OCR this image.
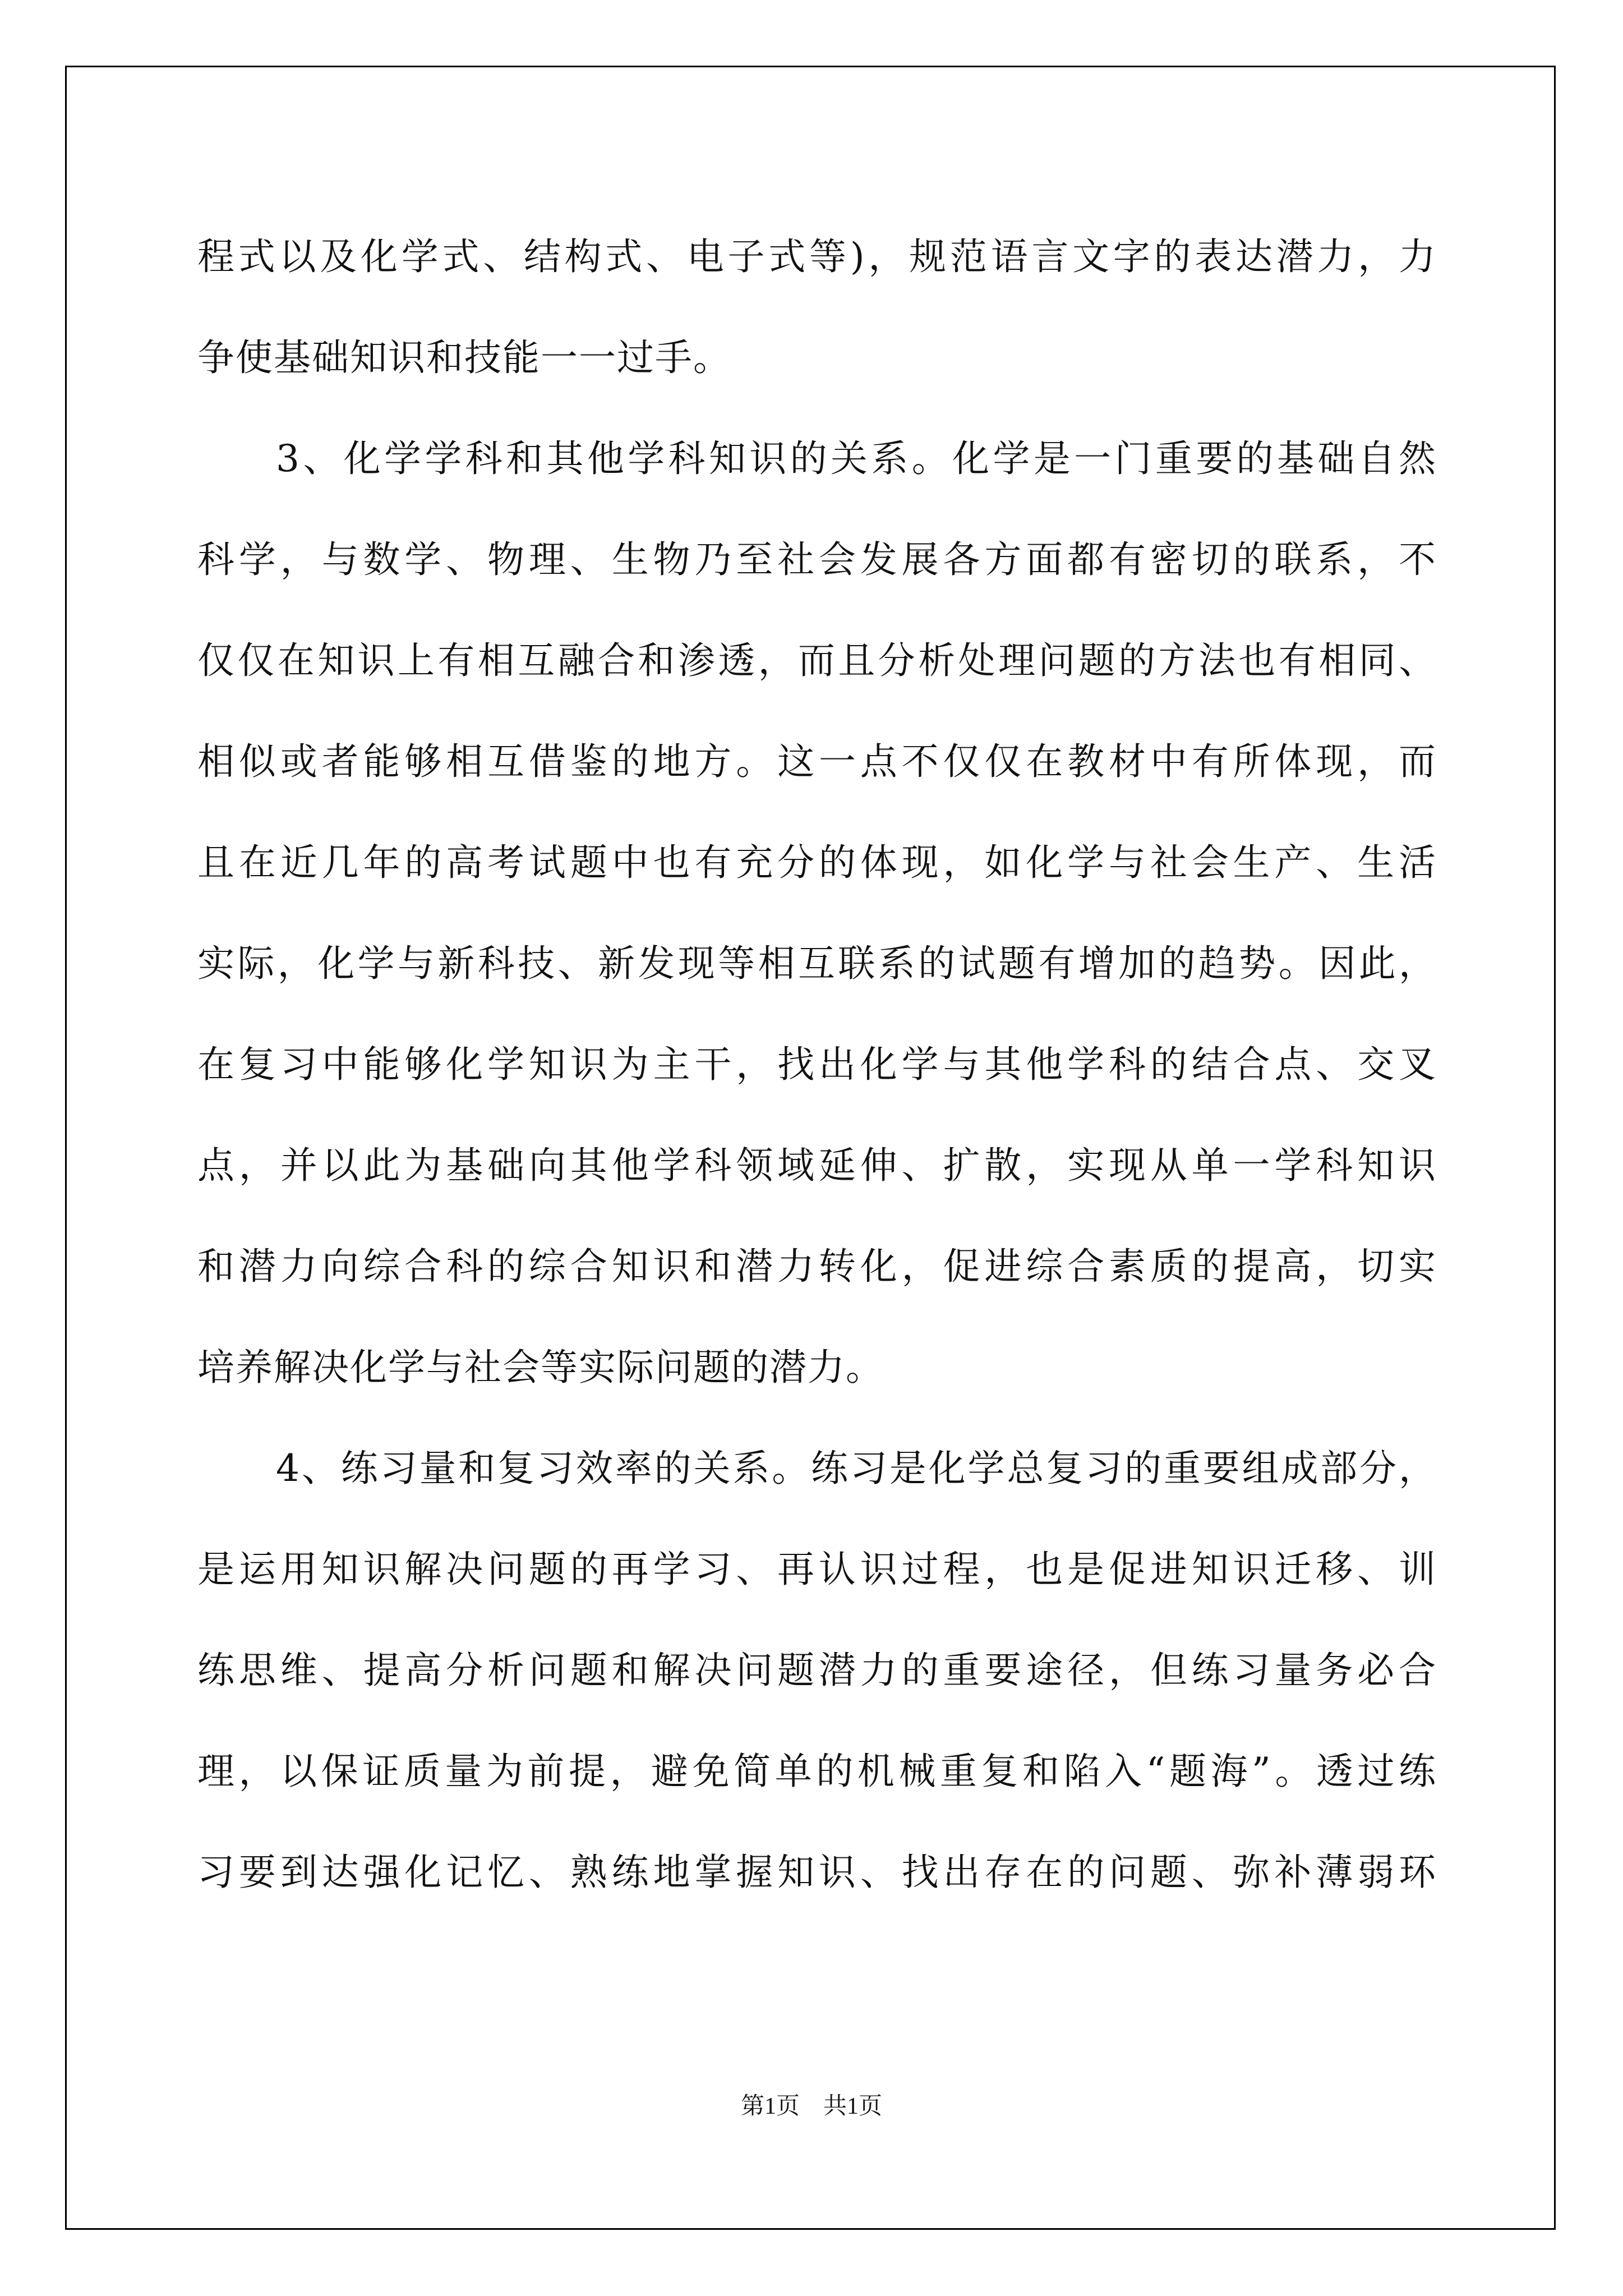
程式以及化学式、结构式、电子式等)，规范语言文字的表达潜力，力
争使基础知识和技能一一过手。
3、化学学科和其他学科知识的关系。化学是一门重要的基础自然
科学，与数学、物理、生物乃至社会发展各方面都有密切的联系，不
仅仅在知识上有相互融合和渗透，而且分析处理问题的方法也有相同、
相似或者能够相互借鉴的地方。这一点不仅仅在教材中有所体现，而
且在近几年的高考试题中也有充分的体现，如化学与社会生产、生活
实际，化学与新科技、新发现等相互联系的试题有增加的趋势。因此，
在复习中能够化学知识为主干，找出化学与其他学科的结合点、交叉
点，并以此为基础向其他学科领域延伸、扩散，实现从单一学科知识
和潜力向综合科的综合知识和潜力转化，促进综合素质的提高，切实
培养解决化学与社会等实际问题的潜力。
4、练习量和复习效率的关系。练习是化学总复习的重要组成部分，
是运用知识解决问题的再学习、再认识过程，也是促进知识迁移、训
练思维、提高分析问题和解决问题潜力的重要途径，但练习量务必合
理，以保证质量为前提，避免简单的机械重复和陷入“题海”。透过练
习要到达强化记忆、熟练地掌握知识、找出存在的问题、弥补薄弱环
第1页　共1页
